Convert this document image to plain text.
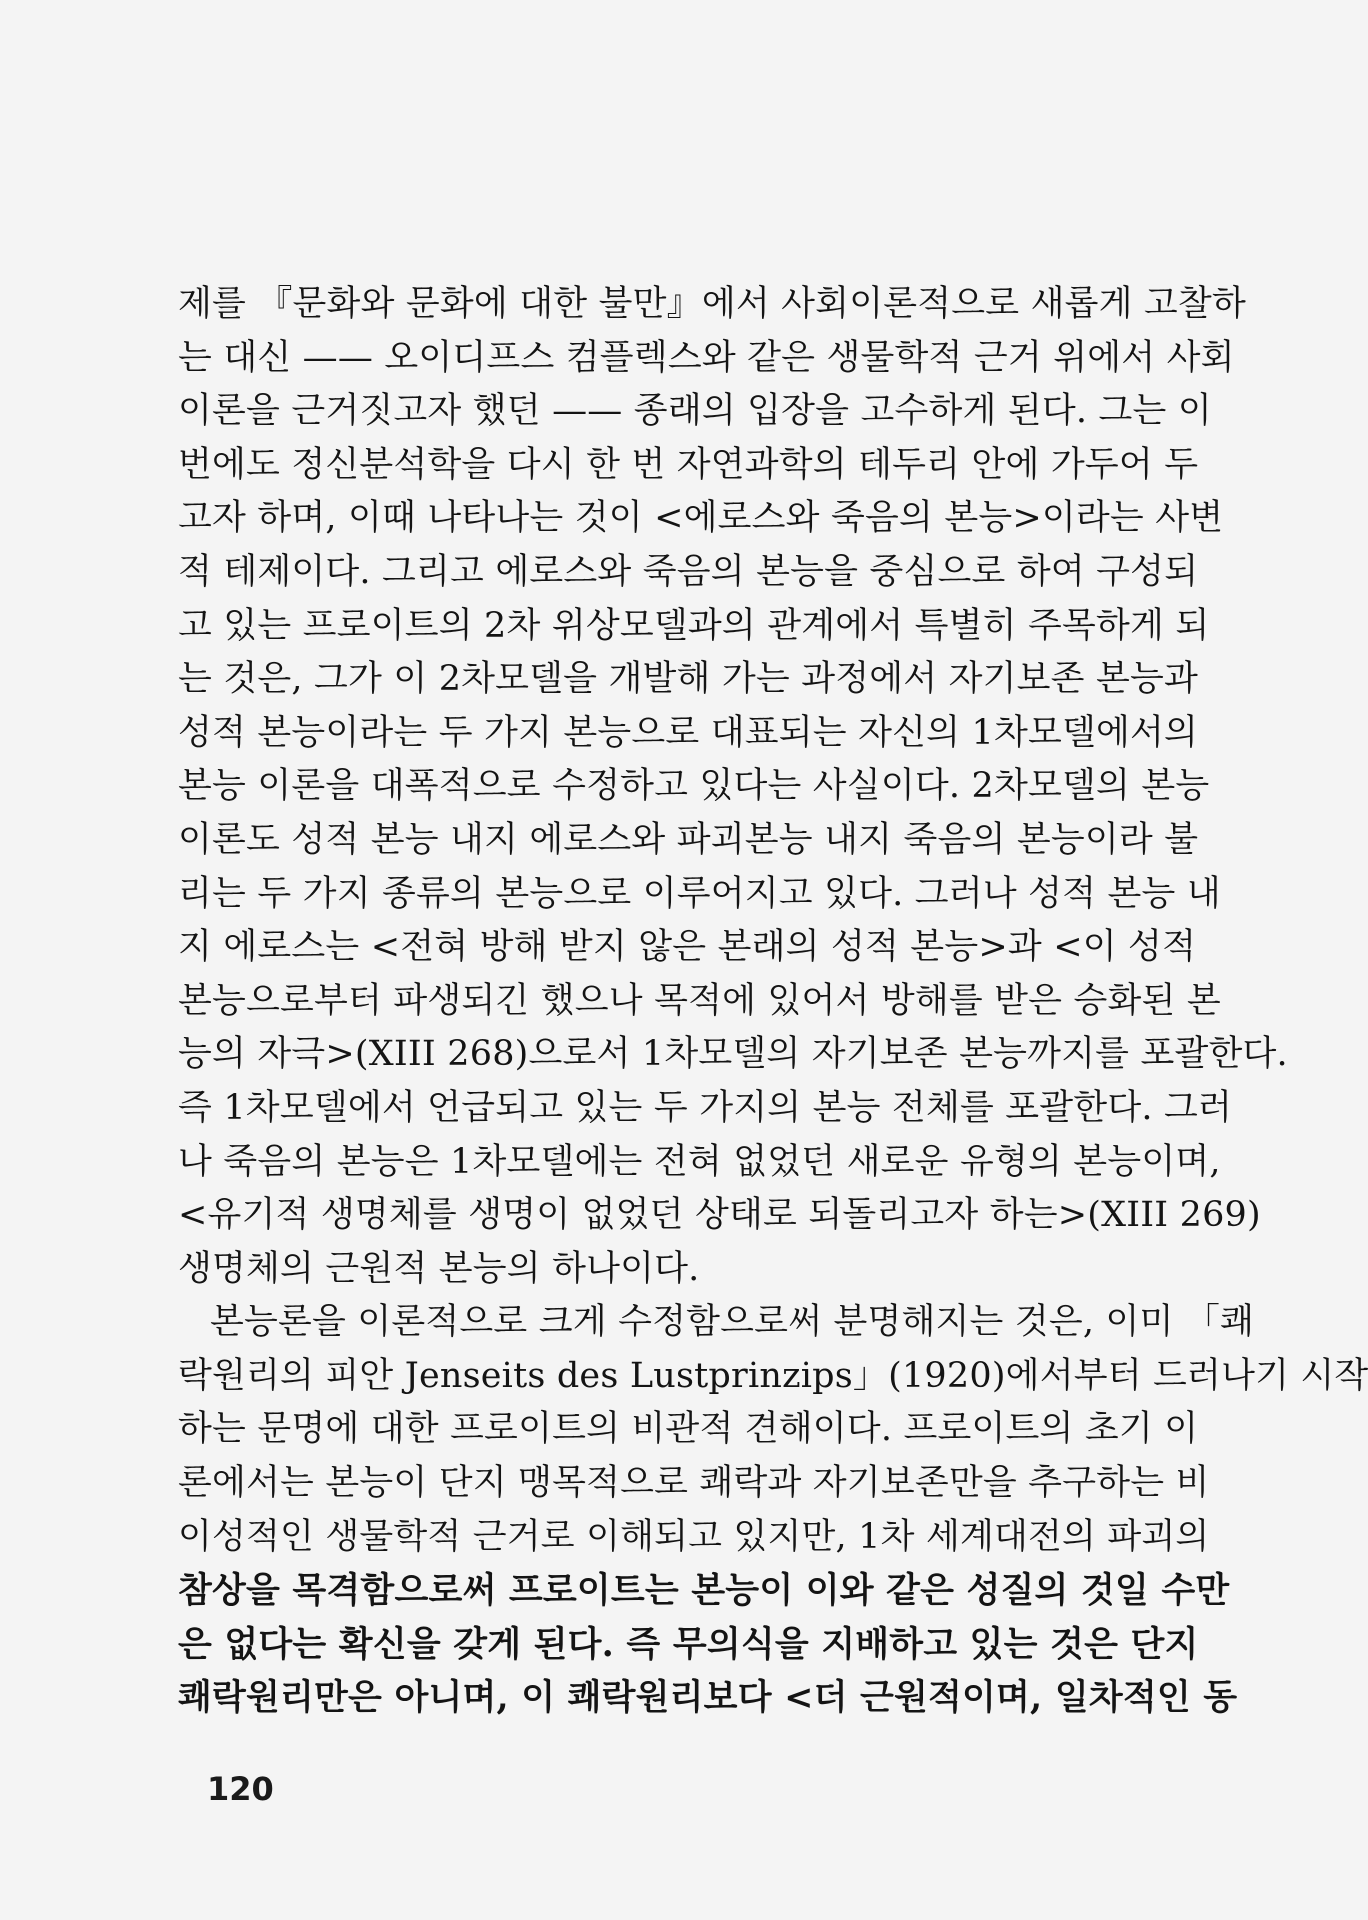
제를 『문화와 문화에 대한 불만』에서 사회이론적으로 새롭게 고찰하
는 대신 —— 오이디프스 컴플렉스와 같은 생물학적 근거 위에서 사회
이론을 근거짓고자 했던 —— 종래의 입장을 고수하게 된다. 그는 이
번에도 정신분석학을 다시 한 번 자연과학의 테두리 안에 가두어 두
고자 하며, 이때 나타나는 것이 <에로스와 죽음의 본능>이라는 사변
적 테제이다. 그리고 에로스와 죽음의 본능을 중심으로 하여 구성되
고 있는 프로이트의 2차 위상모델과의 관계에서 특별히 주목하게 되
는 것은, 그가 이 2차모델을 개발해 가는 과정에서 자기보존 본능과
성적 본능이라는 두 가지 본능으로 대표되는 자신의 1차모델에서의
본능 이론을 대폭적으로 수정하고 있다는 사실이다. 2차모델의 본능
이론도 성적 본능 내지 에로스와 파괴본능 내지 죽음의 본능이라 불
리는 두 가지 종류의 본능으로 이루어지고 있다. 그러나 성적 본능 내
지 에로스는 <전혀 방해 받지 않은 본래의 성적 본능>과 <이 성적
본능으로부터 파생되긴 했으나 목적에 있어서 방해를 받은 승화된 본
능의 자극>(XIII 268)으로서 1차모델의 자기보존 본능까지를 포괄한다.
즉 1차모델에서 언급되고 있는 두 가지의 본능 전체를 포괄한다. 그러
나 죽음의 본능은 1차모델에는 전혀 없었던 새로운 유형의 본능이며,
<유기적 생명체를 생명이 없었던 상태로 되돌리고자 하는>(XIII 269)
생명체의 근원적 본능의 하나이다.
본능론을 이론적으로 크게 수정함으로써 분명해지는 것은, 이미 「쾌
락원리의 피안 Jenseits des Lustprinzips」(1920)에서부터 드러나기 시작
하는 문명에 대한 프로이트의 비관적 견해이다. 프로이트의 초기 이
론에서는 본능이 단지 맹목적으로 쾌락과 자기보존만을 추구하는 비
이성적인 생물학적 근거로 이해되고 있지만, 1차 세계대전의 파괴의
참상을 목격함으로써 프로이트는 본능이 이와 같은 성질의 것일 수만
은 없다는 확신을 갖게 된다. 즉 무의식을 지배하고 있는 것은 단지
쾌락원리만은 아니며, 이 쾌락원리보다 <더 근원적이며, 일차적인 동
120
